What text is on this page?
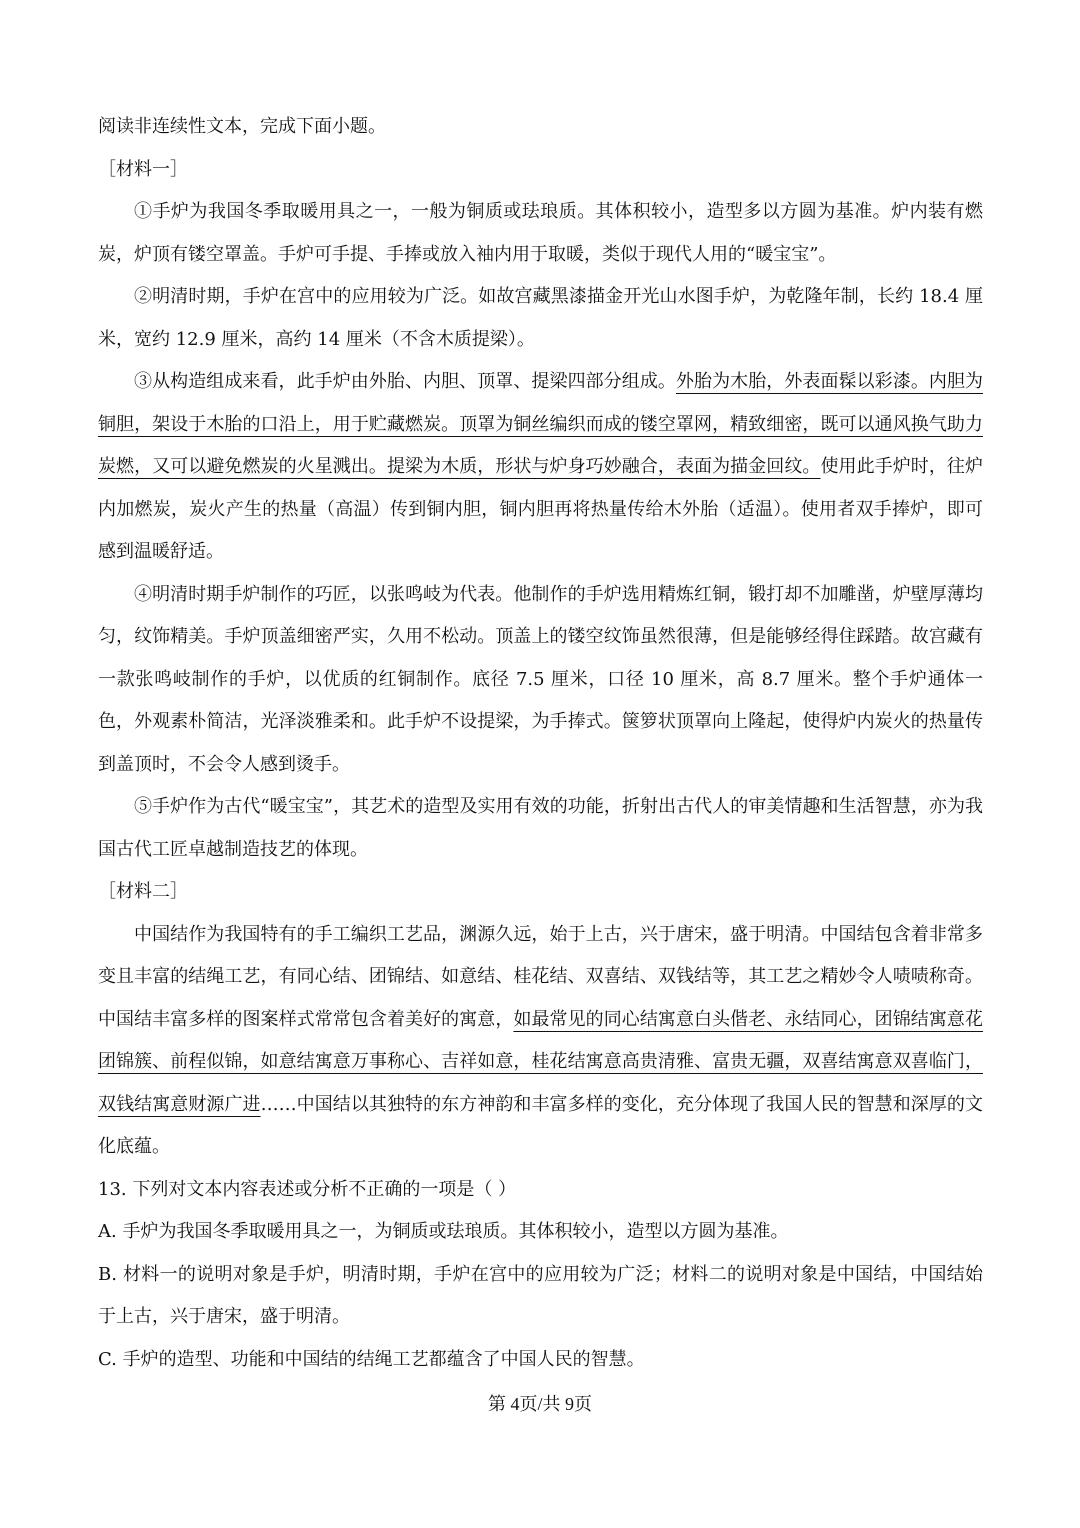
阅读非连续性文本，完成下面小题。

［材料一］

①手炉为我国冬季取暖用具之一，一般为铜质或珐琅质。其体积较小，造型多以方圆为基准。炉内装有燃炭，炉顶有镂空罩盖。手炉可手提、手捧或放入袖内用于取暖，类似于现代人用的“暖宝宝”。

②明清时期，手炉在宫中的应用较为广泛。如故宫藏黑漆描金开光山水图手炉，为乾隆年制，长约 18.4 厘米，宽约 12.9 厘米，高约 14 厘米（不含木质提梁）。

③从构造组成来看，此手炉由外胎、内胆、顶罩、提梁四部分组成。外胎为木胎，外表面髹以彩漆。内胆为铜胆，架设于木胎的口沿上，用于贮藏燃炭。顶罩为铜丝编织而成的镂空罩网，精致细密，既可以通风换气助力炭燃，又可以避免燃炭的火星溅出。提梁为木质，形状与炉身巧妙融合，表面为描金回纹。使用此手炉时，往炉内加燃炭，炭火产生的热量（高温）传到铜内胆，铜内胆再将热量传给木外胎（适温）。使用者双手捧炉，即可感到温暖舒适。

④明清时期手炉制作的巧匠，以张鸣岐为代表。他制作的手炉选用精炼红铜，锻打却不加雕凿，炉壁厚薄均匀，纹饰精美。手炉顶盖细密严实，久用不松动。顶盖上的镂空纹饰虽然很薄，但是能够经得住踩踏。故宫藏有一款张鸣岐制作的手炉，以优质的红铜制作。底径 7.5 厘米，口径 10 厘米，高 8.7 厘米。整个手炉通体一色，外观素朴简洁，光泽淡雅柔和。此手炉不设提梁，为手捧式。箧箩状顶罩向上隆起，使得炉内炭火的热量传到盖顶时，不会令人感到烫手。

⑤手炉作为古代“暖宝宝”，其艺术的造型及实用有效的功能，折射出古代人的审美情趣和生活智慧，亦为我国古代工匠卓越制造技艺的体现。

［材料二］

中国结作为我国特有的手工编织工艺品，渊源久远，始于上古，兴于唐宋，盛于明清。中国结包含着非常多变且丰富的结绳工艺，有同心结、团锦结、如意结、桂花结、双喜结、双钱结等，其工艺之精妙令人啧啧称奇。中国结丰富多样的图案样式常常包含着美好的寓意，如最常见的同心结寓意白头偕老、永结同心，团锦结寓意花团锦簇、前程似锦，如意结寓意万事称心、吉祥如意，桂花结寓意高贵清雅、富贵无疆，双喜结寓意双喜临门，双钱结寓意财源广进……中国结以其独特的东方神韵和丰富多样的变化，充分体现了我国人民的智慧和深厚的文化底蕴。

13. 下列对文本内容表述或分析不正确的一项是（ ）

A. 手炉为我国冬季取暖用具之一，为铜质或珐琅质。其体积较小，造型以方圆为基准。

B. 材料一的说明对象是手炉，明清时期，手炉在宫中的应用较为广泛；材料二的说明对象是中国结，中国结始于上古，兴于唐宋，盛于明清。

C. 手炉的造型、功能和中国结的结绳工艺都蕴含了中国人民的智慧。

第 4页/共 9页
